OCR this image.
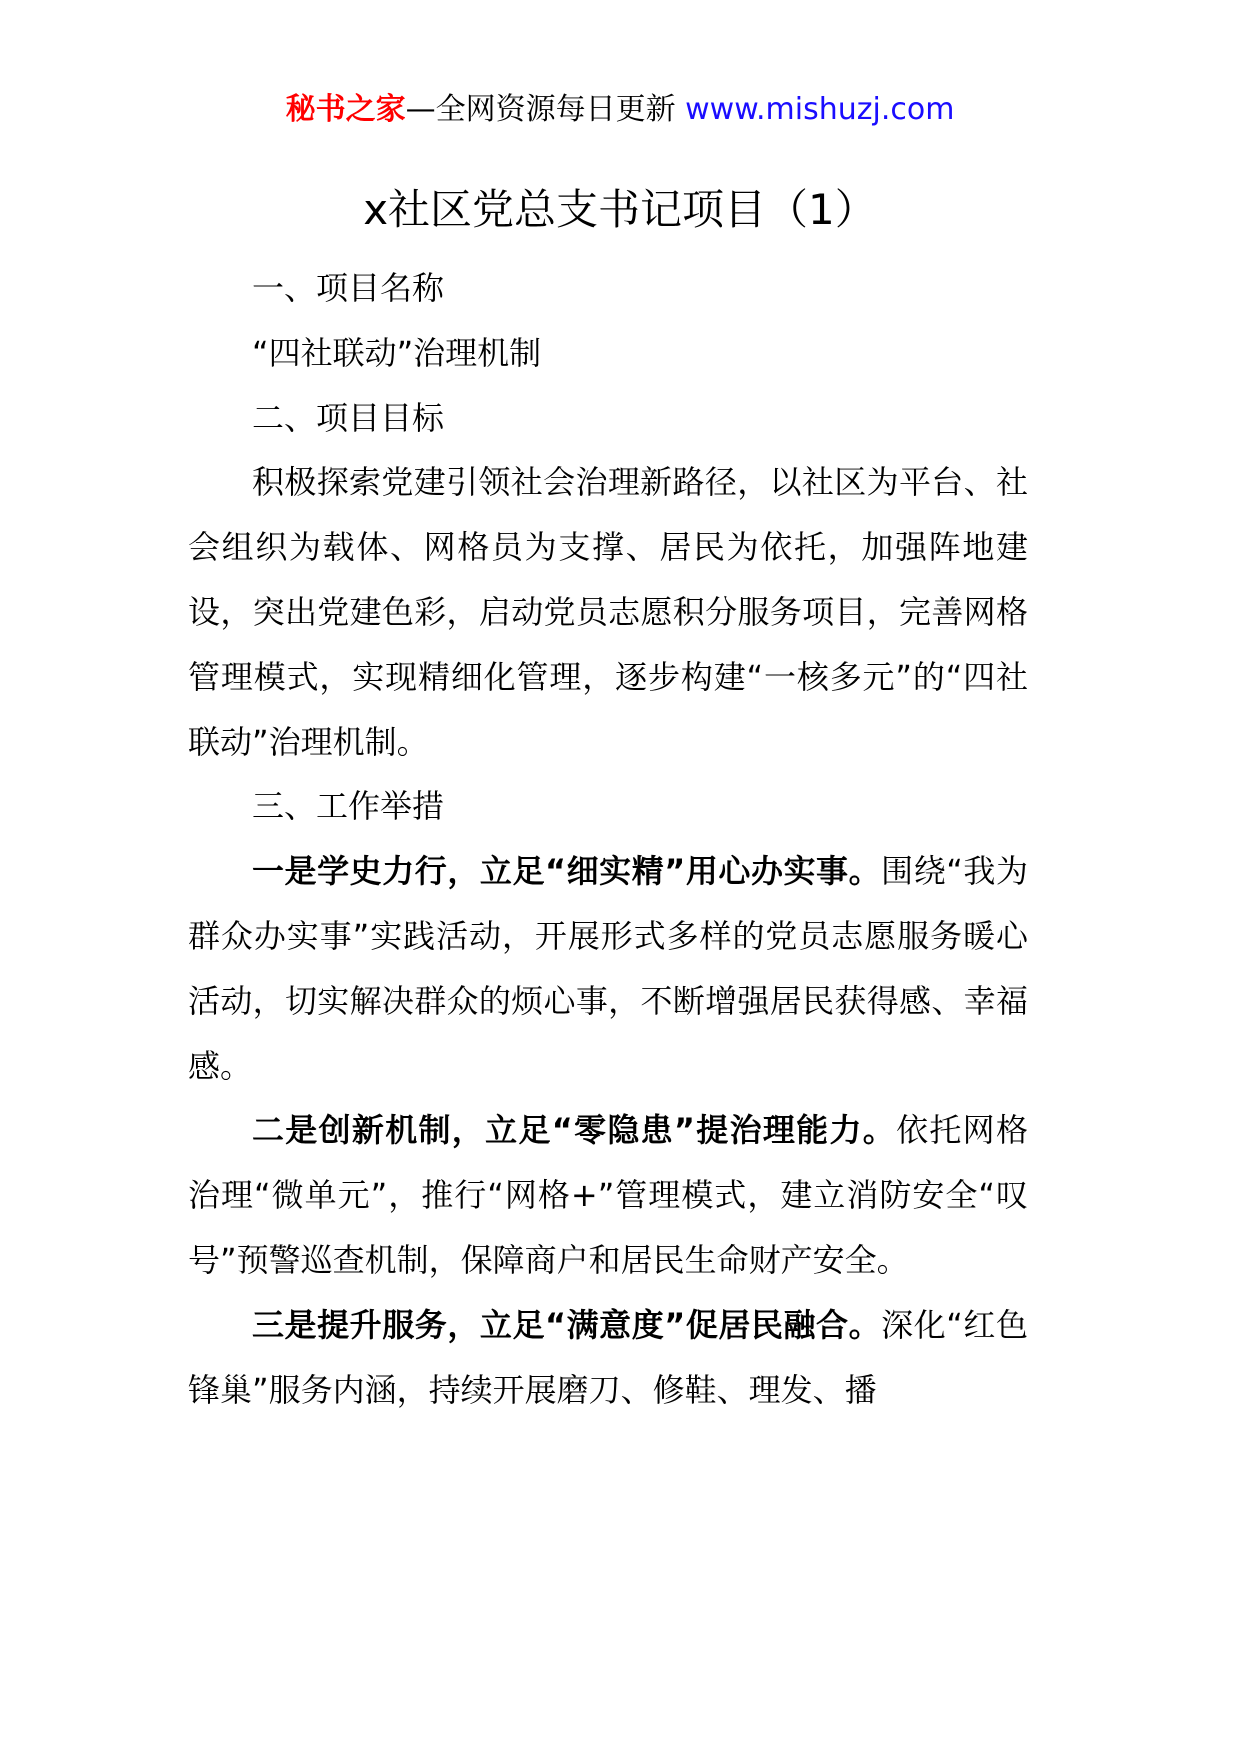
秘书之家—全网资源每日更新 www.mishuzj.com
x社区党总支书记项目（1）

一、项目名称

“四社联动”治理机制

二、项目目标

积极探索党建引领社会治理新路径，以社区为平台、社会组织为载体、网格员为支撑、居民为依托，加强阵地建设，突出党建色彩，启动党员志愿积分服务项目，完善网格管理模式，实现精细化管理，逐步构建“一核多元”的“四社联动”治理机制。

三、工作举措

一是学史力行，立足“细实精”用心办实事。围绕“我为群众办实事”实践活动，开展形式多样的党员志愿服务暖心活动，切实解决群众的烦心事，不断增强居民获得感、幸福感。

二是创新机制，立足“零隐患”提治理能力。依托网格治理“微单元”，推行“网格+”管理模式，建立消防安全“叹号”预警巡查机制，保障商户和居民生命财产安全。

三是提升服务，立足“满意度”促居民融合。深化“红色锋巢”服务内涵，持续开展磨刀、修鞋、理发、播
